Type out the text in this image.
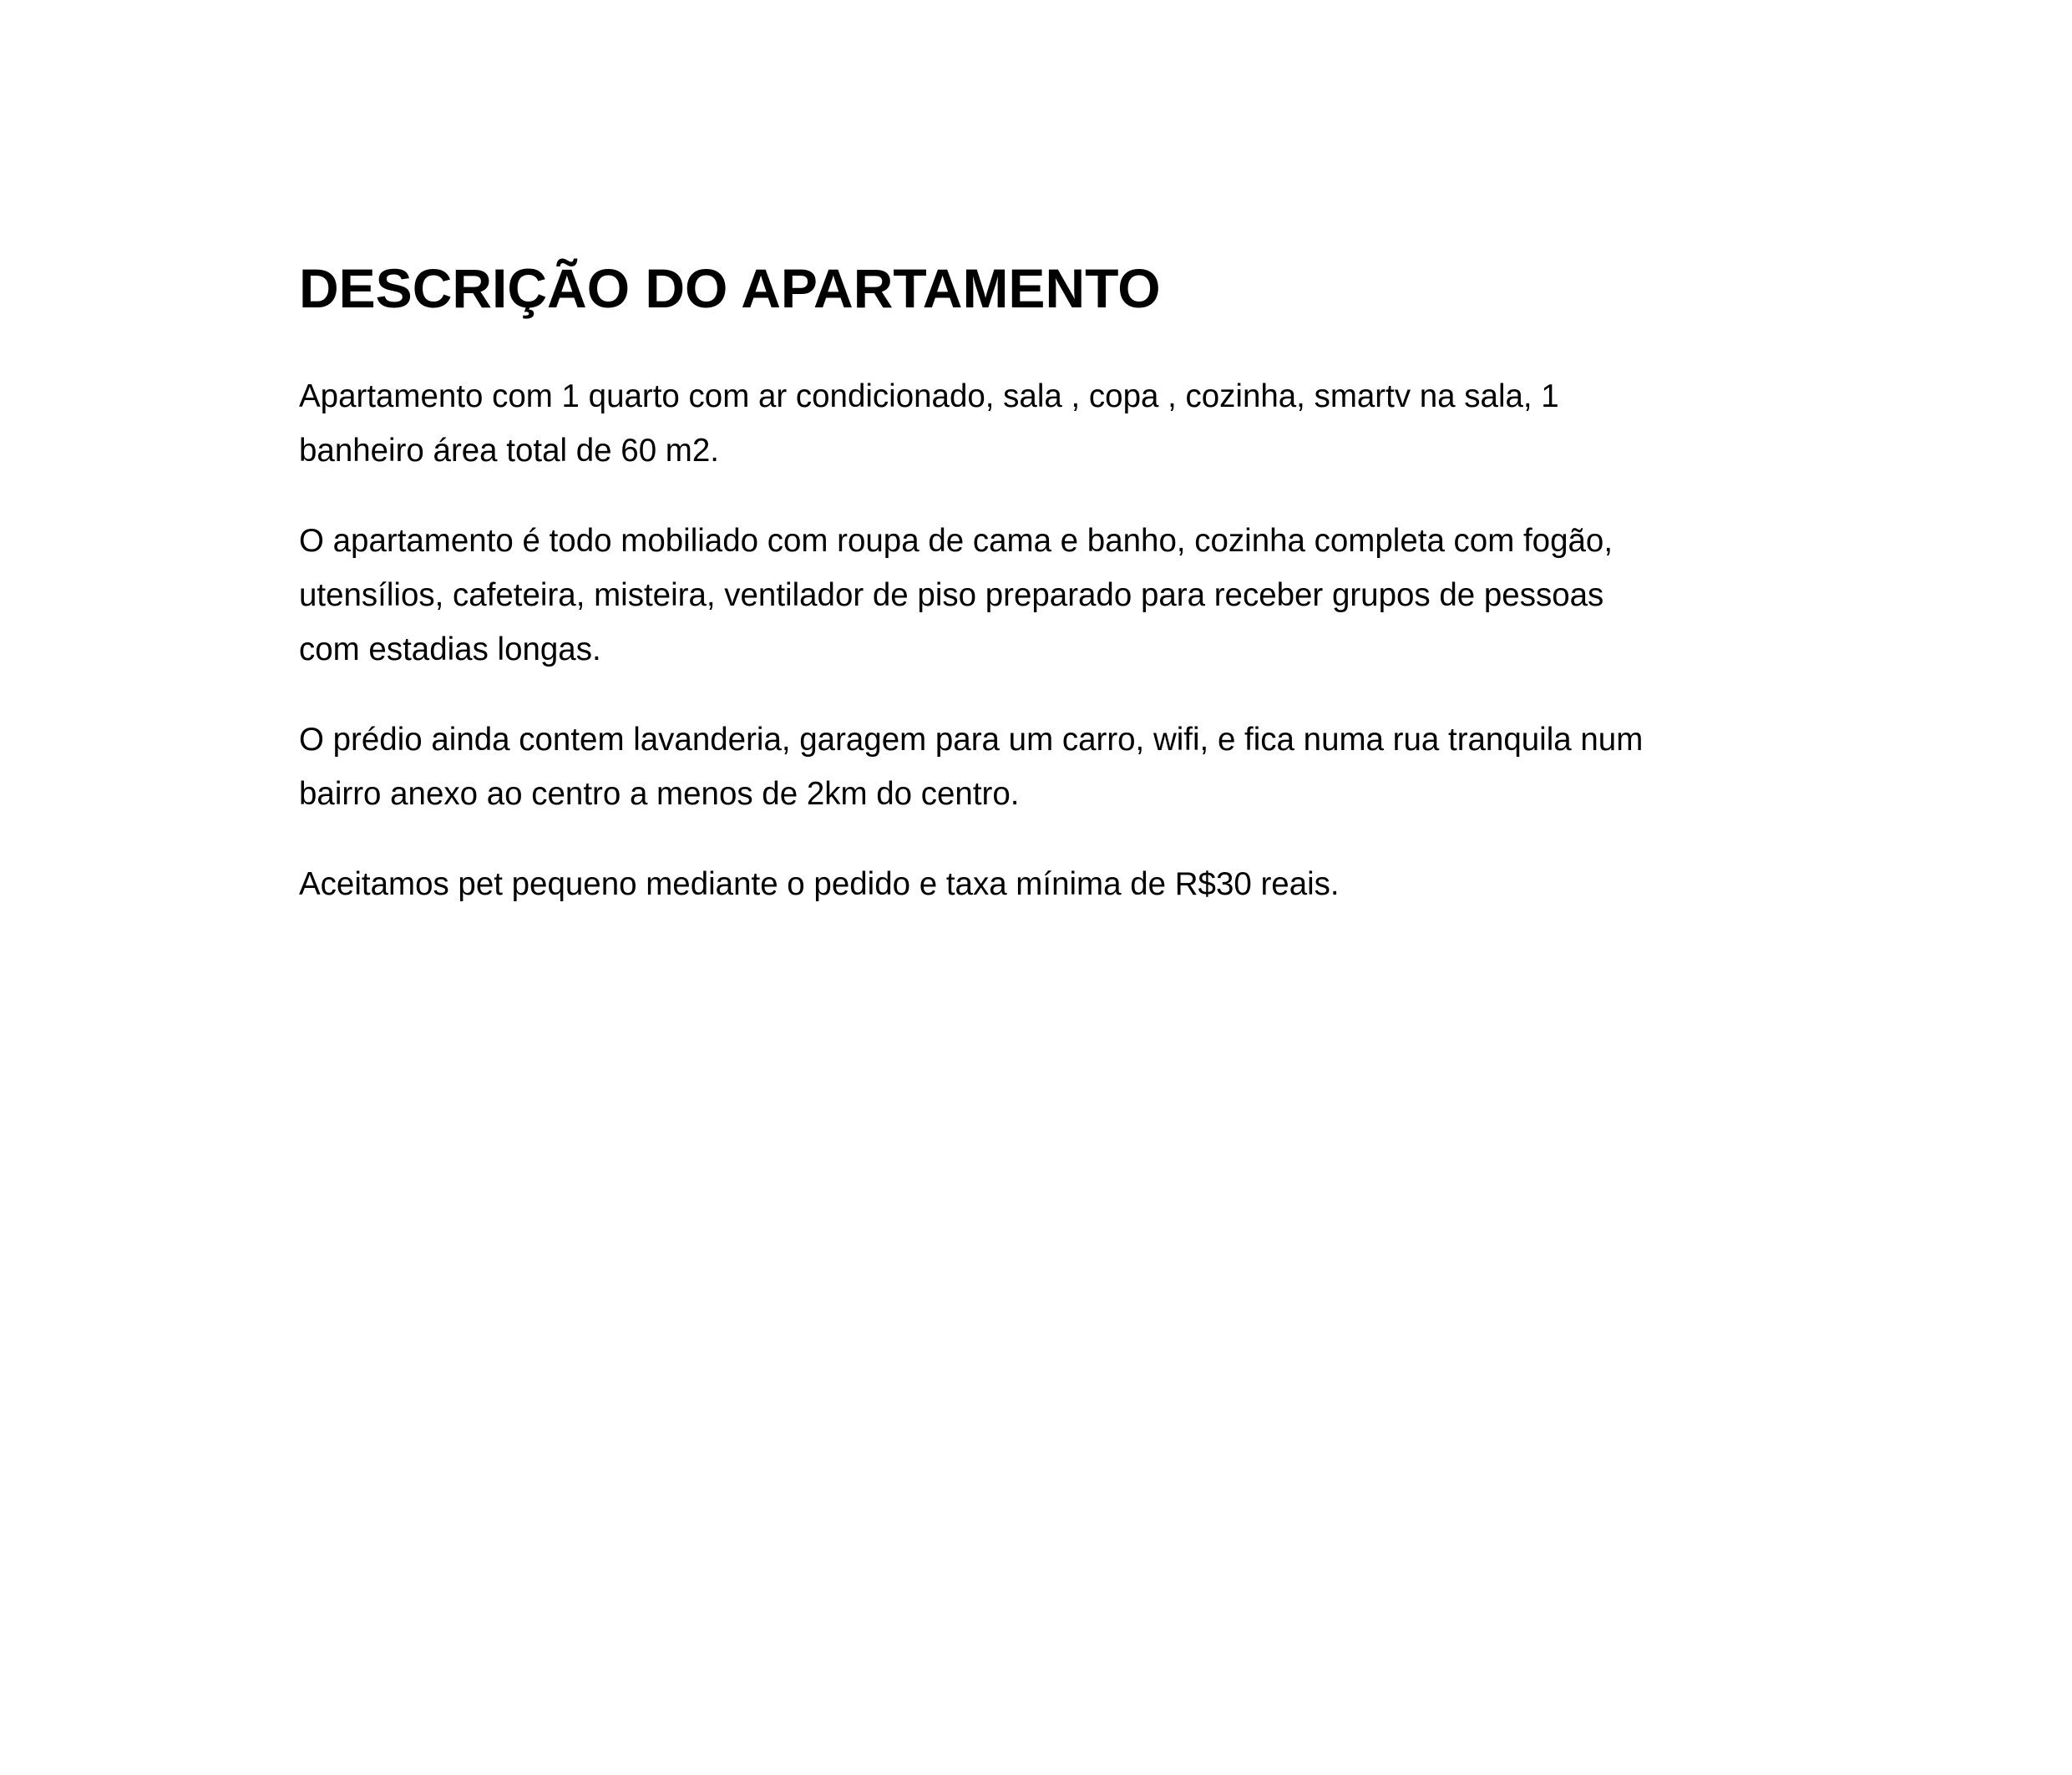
DESCRIÇÃO DO APARTAMENTO

Apartamento com 1 quarto com ar condicionado, sala , copa , cozinha, smartv na sala, 1
banheiro área total de 60 m2.

O apartamento é todo mobiliado com roupa de cama e banho, cozinha completa com fogão,
utensílios, cafeteira, misteira, ventilador de piso preparado para receber grupos de pessoas
com estadias longas.

O prédio ainda contem lavanderia, garagem para um carro, wifi, e fica numa rua tranquila num
bairro anexo ao centro a menos de 2km do centro.

Aceitamos pet pequeno mediante o pedido e taxa mínima de R$30 reais.
